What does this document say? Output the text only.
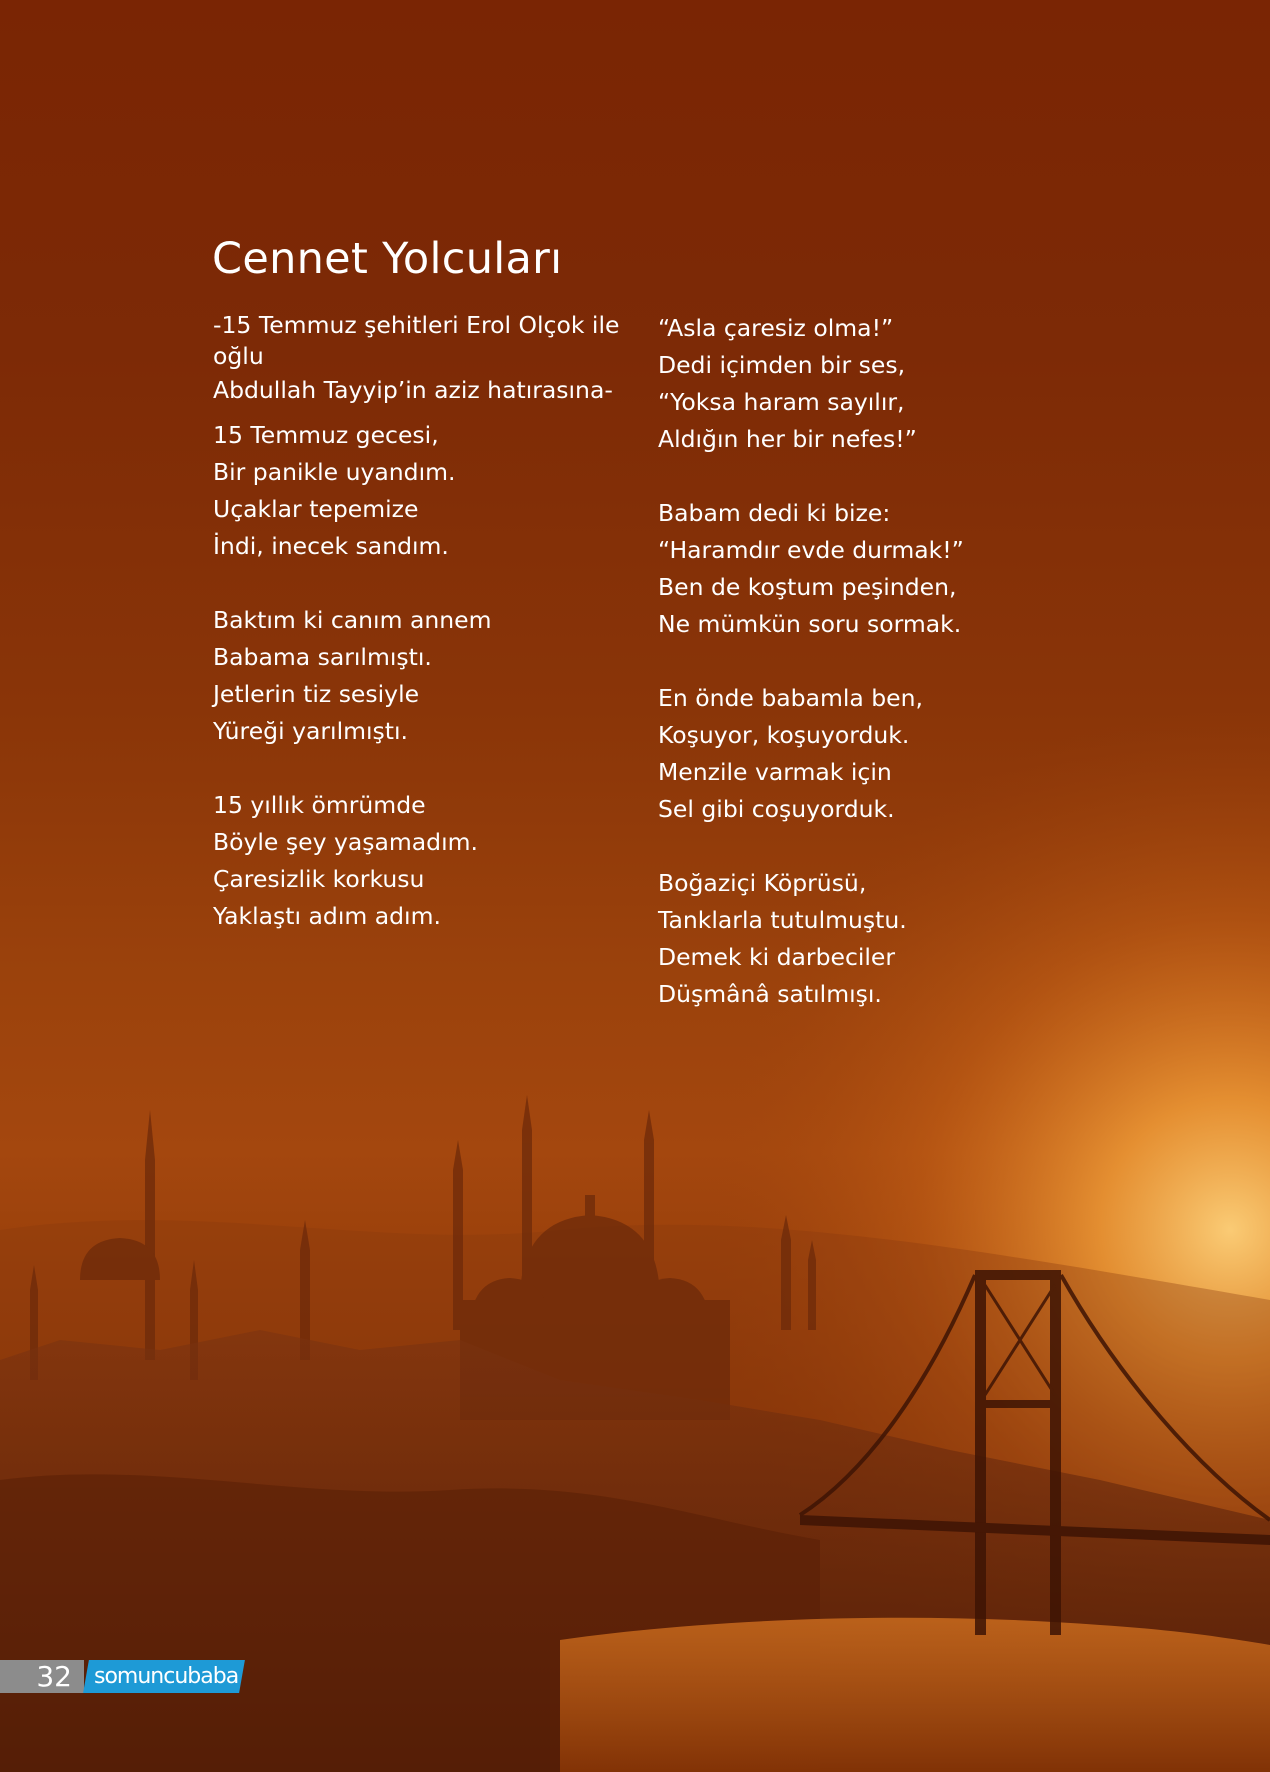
Cennet Yolcuları
-15 Temmuz şehitleri Erol Olçok ile oğlu
Abdullah Tayyip’in aziz hatırasına-
15 Temmuz gecesi,
Bir panikle uyandım.
Uçaklar tepemize
İndi, inecek sandım.
Baktım ki canım annem
Babama sarılmıştı.
Jetlerin tiz sesiyle
Yüreği yarılmıştı.
15 yıllık ömrümde
Böyle şey yaşamadım.
Çaresizlik korkusu
Yaklaştı adım adım.
“Asla çaresiz olma!”
Dedi içimden bir ses,
“Yoksa haram sayılır,
Aldığın her bir nefes!”
Babam dedi ki bize:
“Haramdır evde durmak!”
Ben de koştum peşinden,
Ne mümkün soru sormak.
En önde babamla ben,
Koşuyor, koşuyorduk.
Menzile varmak için
Sel gibi coşuyorduk.
Boğaziçi Köprüsü,
Tanklarla tutulmuştu.
Demek ki darbeciler
Düşmânâ satılmışı.
32	somuncubaba
